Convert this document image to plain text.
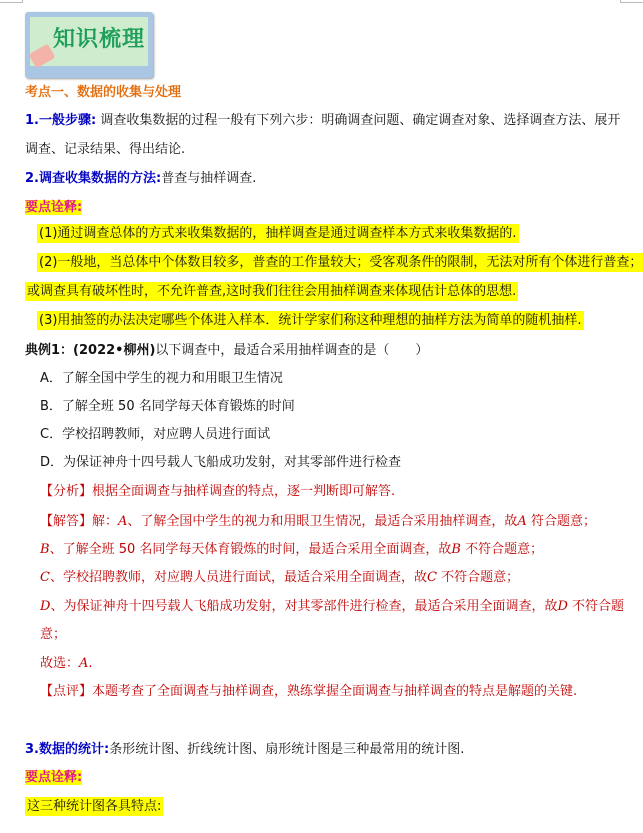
知识梳理
考点一、数据的收集与处理
1.一般步骤: 调查收集数据的过程一般有下列六步：明确调查问题、确定调查对象、选择调查方法、展开
调查、记录结果、得出结论.
2.调查收集数据的方法:普查与抽样调查.
要点诠释:
(1)通过调查总体的方式来收集数据的，抽样调查是通过调查样本方式来收集数据的.
(2)一般地，当总体中个体数目较多，普查的工作量较大；受客观条件的限制，无法对所有个体进行普查；
或调查具有破坏性时，不允许普查,这时我们往往会用抽样调查来体现估计总体的思想.
(3)用抽签的办法决定哪些个体进入样本．统计学家们称这种理想的抽样方法为简单的随机抽样.
典例1：(2022•柳州)以下调查中，最适合采用抽样调查的是（　　）
A．了解全国中学生的视力和用眼卫生情况
B．了解全班 50 名同学每天体育锻炼的时间
C．学校招聘教师，对应聘人员进行面试
D．为保证神舟十四号载人飞船成功发射，对其零部件进行检查
【分析】根据全面调查与抽样调查的特点，逐一判断即可解答.
【解答】解：A、了解全国中学生的视力和用眼卫生情况，最适合采用抽样调查，故A 符合题意；
B、了解全班 50 名同学每天体育锻炼的时间，最适合采用全面调查，故B 不符合题意；
C、学校招聘教师，对应聘人员进行面试，最适合采用全面调查，故C 不符合题意；
D、为保证神舟十四号载人飞船成功发射，对其零部件进行检查，最适合采用全面调查，故D 不符合题
意；
故选：A.
【点评】本题考查了全面调查与抽样调查，熟练掌握全面调查与抽样调查的特点是解题的关键.
3.数据的统计:条形统计图、折线统计图、扇形统计图是三种最常用的统计图.
要点诠释:
这三种统计图各具特点:
